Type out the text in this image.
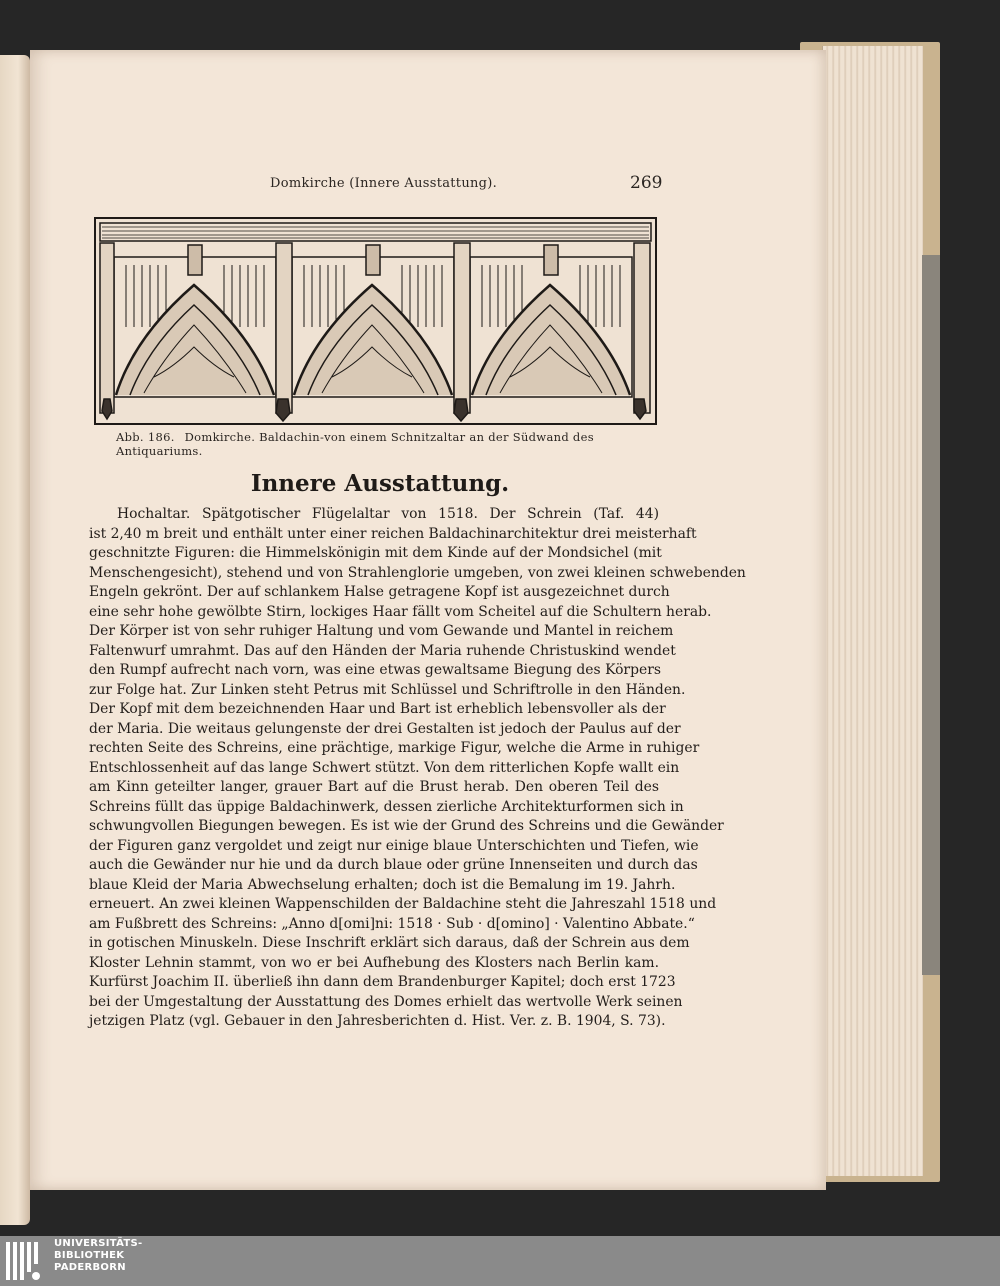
Domkirche (Innere Ausstattung).	269
Abb. 186. Domkirche. Baldachin-von einem Schnitzaltar an der Südwand des Antiquariums.
Innere Ausstattung.
Hochaltar. Spätgotischer Flügelaltar von 1518. Der Schrein (Taf. 44)
ist 2,40 m breit und enthält unter einer reichen Baldachinarchitektur drei meisterhaft
geschnitzte Figuren: die Himmelskönigin mit dem Kinde auf der Mondsichel (mit
Menschengesicht), stehend und von Strahlenglorie umgeben, von zwei kleinen schwebenden
Engeln gekrönt. Der auf schlankem Halse getragene Kopf ist ausgezeichnet durch
eine sehr hohe gewölbte Stirn, lockiges Haar fällt vom Scheitel auf die Schultern herab.
Der Körper ist von sehr ruhiger Haltung und vom Gewande und Mantel in reichem
Faltenwurf umrahmt. Das auf den Händen der Maria ruhende Christuskind wendet
den Rumpf aufrecht nach vorn, was eine etwas gewaltsame Biegung des Körpers
zur Folge hat. Zur Linken steht Petrus mit Schlüssel und Schriftrolle in den Händen.
Der Kopf mit dem bezeichnenden Haar und Bart ist erheblich lebensvoller als der
der Maria. Die weitaus gelungenste der drei Gestalten ist jedoch der Paulus auf der
rechten Seite des Schreins, eine prächtige, markige Figur, welche die Arme in ruhiger
Entschlossenheit auf das lange Schwert stützt. Von dem ritterlichen Kopfe wallt ein
am Kinn geteilter langer, grauer Bart auf die Brust herab. Den oberen Teil des
Schreins füllt das üppige Baldachinwerk, dessen zierliche Architekturformen sich in
schwungvollen Biegungen bewegen. Es ist wie der Grund des Schreins und die Gewänder
der Figuren ganz vergoldet und zeigt nur einige blaue Unterschichten und Tiefen, wie
auch die Gewänder nur hie und da durch blaue oder grüne Innenseiten und durch das
blaue Kleid der Maria Abwechselung erhalten; doch ist die Bemalung im 19. Jahrh.
erneuert. An zwei kleinen Wappenschilden der Baldachine steht die Jahreszahl 1518 und
am Fußbrett des Schreins: „Anno d[omi]ni: 1518 · Sub · d[omino] · Valentino Abbate.“
in gotischen Minuskeln. Diese Inschrift erklärt sich daraus, daß der Schrein aus dem
Kloster Lehnin stammt, von wo er bei Aufhebung des Klosters nach Berlin kam.
Kurfürst Joachim II. überließ ihn dann dem Brandenburger Kapitel; doch erst 1723
bei der Umgestaltung der Ausstattung des Domes erhielt das wertvolle Werk seinen
jetzigen Platz (vgl. Gebauer in den Jahresberichten d. Hist. Ver. z. B. 1904, S. 73).
UNIVERSITÄTS-
BIBLIOTHEK
PADERBORN
